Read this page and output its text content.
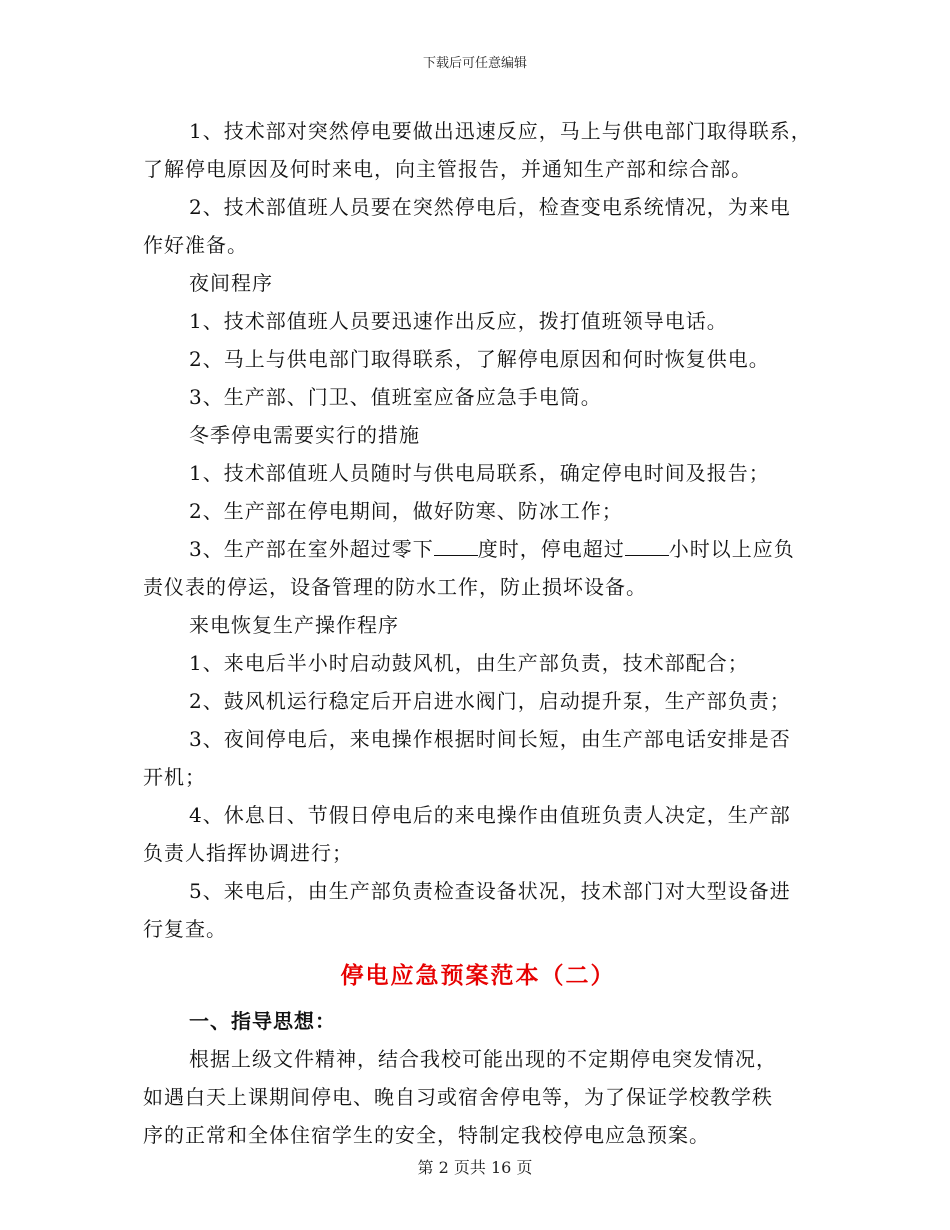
下载后可任意编辑
1、技术部对突然停电要做出迅速反应，马上与供电部门取得联系，
了解停电原因及何时来电，向主管报告，并通知生产部和综合部。
2、技术部值班人员要在突然停电后，检查变电系统情况，为来电
作好准备。
夜间程序
1、技术部值班人员要迅速作出反应，拨打值班领导电话。
2、马上与供电部门取得联系，了解停电原因和何时恢复供电。
3、生产部、门卫、值班室应备应急手电筒。
冬季停电需要实行的措施
1、技术部值班人员随时与供电局联系，确定停电时间及报告；
2、生产部在停电期间，做好防寒、防冰工作；
3、生产部在室外超过零下 度时，停电超过 小时以上应负
责仪表的停运，设备管理的防水工作，防止损坏设备。
来电恢复生产操作程序
1、来电后半小时启动鼓风机，由生产部负责，技术部配合；
2、鼓风机运行稳定后开启进水阀门，启动提升泵，生产部负责；
3、夜间停电后，来电操作根据时间长短，由生产部电话安排是否
开机；
4、休息日、节假日停电后的来电操作由值班负责人决定，生产部
负责人指挥协调进行；
5、来电后，由生产部负责检查设备状况，技术部门对大型设备进
行复查。
停电应急预案范本（二）
一、指导思想：
根据上级文件精神，结合我校可能出现的不定期停电突发情况，
如遇白天上课期间停电、晚自习或宿舍停电等，为了保证学校教学秩
序的正常和全体住宿学生的安全，特制定我校停电应急预案。
第 2 页共 16 页
